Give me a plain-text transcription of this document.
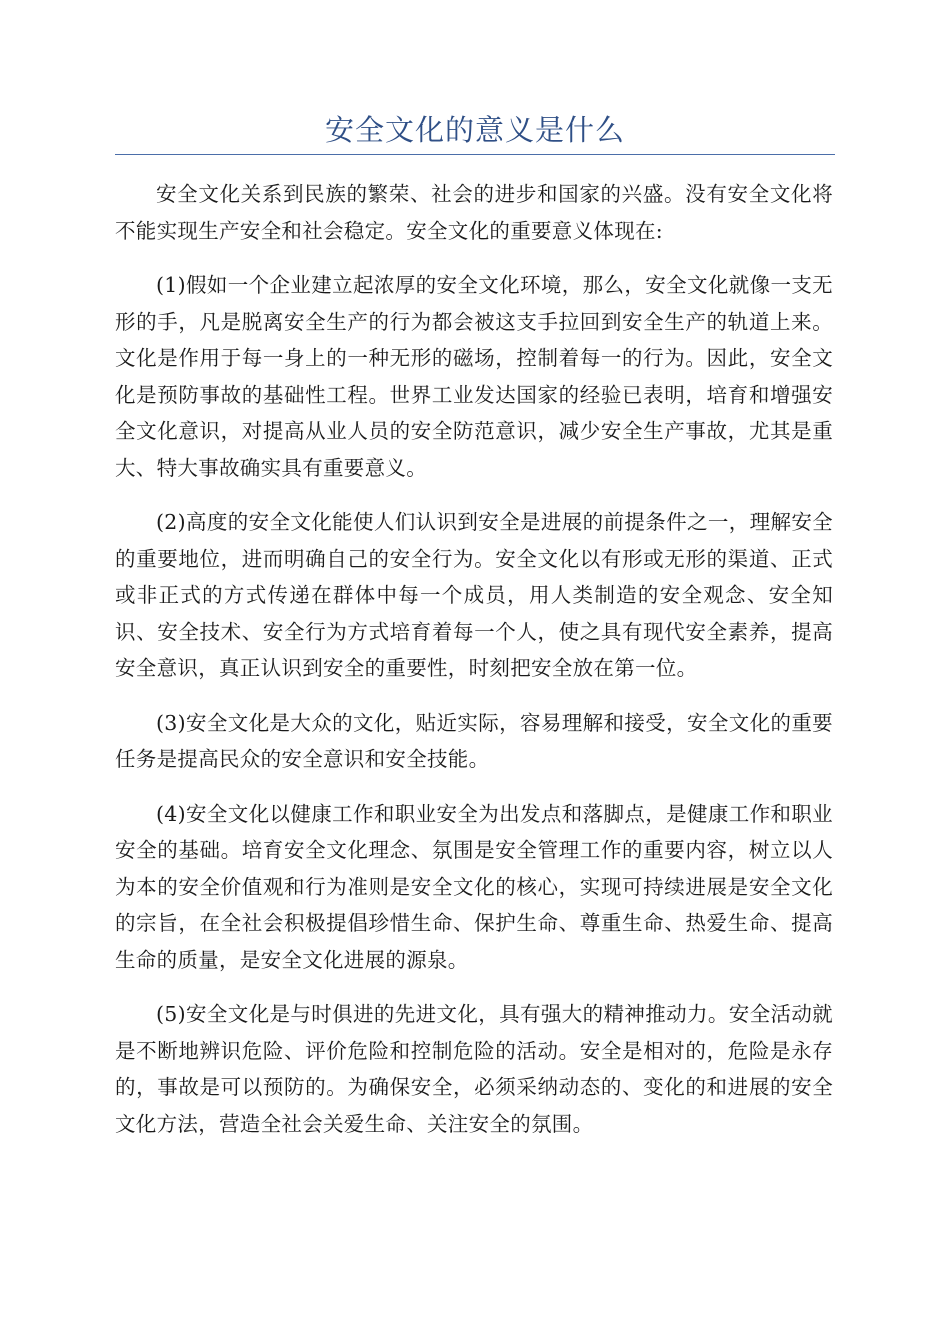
安全文化的意义是什么

安全文化关系到民族的繁荣、社会的进步和国家的兴盛。没有安全文化将不能实现生产安全和社会稳定。安全文化的重要意义体现在:

(1)假如一个企业建立起浓厚的安全文化环境，那么，安全文化就像一支无形的手，凡是脱离安全生产的行为都会被这支手拉回到安全生产的轨道上来。文化是作用于每一身上的一种无形的磁场，控制着每一的行为。因此，安全文化是预防事故的基础性工程。世界工业发达国家的经验已表明，培育和增强安全文化意识，对提高从业人员的安全防范意识，减少安全生产事故，尤其是重大、特大事故确实具有重要意义。

(2)高度的安全文化能使人们认识到安全是进展的前提条件之一，理解安全的重要地位，进而明确自己的安全行为。安全文化以有形或无形的渠道、正式或非正式的方式传递在群体中每一个成员，用人类制造的安全观念、安全知识、安全技术、安全行为方式培育着每一个人，使之具有现代安全素养，提高安全意识，真正认识到安全的重要性，时刻把安全放在第一位。

(3)安全文化是大众的文化，贴近实际，容易理解和接受，安全文化的重要任务是提高民众的安全意识和安全技能。

(4)安全文化以健康工作和职业安全为出发点和落脚点，是健康工作和职业安全的基础。培育安全文化理念、氛围是安全管理工作的重要内容，树立以人为本的安全价值观和行为准则是安全文化的核心，实现可持续进展是安全文化的宗旨，在全社会积极提倡珍惜生命、保护生命、尊重生命、热爱生命、提高生命的质量，是安全文化进展的源泉。

(5)安全文化是与时俱进的先进文化，具有强大的精神推动力。安全活动就是不断地辨识危险、评价危险和控制危险的活动。安全是相对的，危险是永存的，事故是可以预防的。为确保安全，必须采纳动态的、变化的和进展的安全文化方法，营造全社会关爱生命、关注安全的氛围。
